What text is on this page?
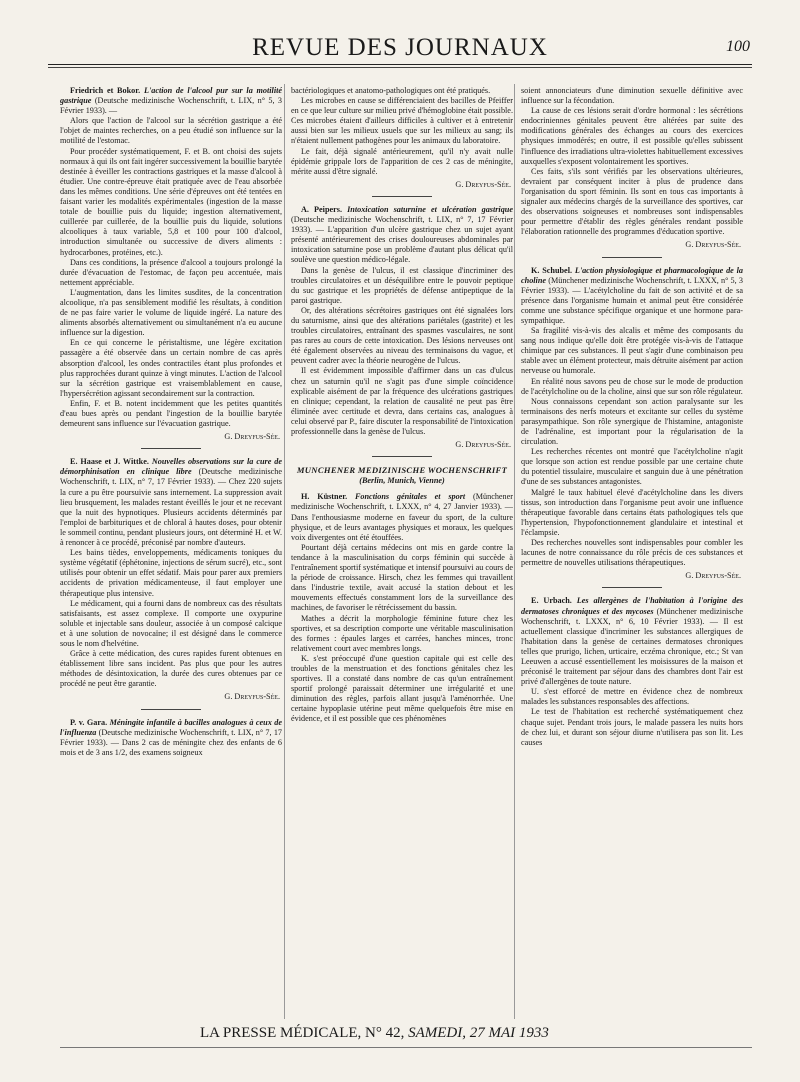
REVUE DES JOURNAUX	100

Friedrich et Bokor. L'action de l'alcool pur sur la motilité gastrique (Deutsche medizinische Wochenschrift, t. LIX, n° 5, 3 Février 1933). —

Alors que l'action de l'alcool sur la sécrétion gastrique a été l'objet de maintes recherches, on a peu étudié son influence sur la motilité de l'estomac.

Pour procéder systématiquement, F. et B. ont choisi des sujets normaux à qui ils ont fait ingérer successivement la bouillie barytée destinée à éveiller les contractions gastriques et la masse d'alcool à étudier. Une contre-épreuve était pratiquée avec de l'eau absorbée dans les mêmes conditions. Une série d'épreuves ont été tentées en faisant varier les modalités expérimentales (ingestion de la masse totale de bouillie puis du liquide; ingestion alternativement, cuillerée par cuillerée, de la bouillie puis du liquide, solutions alcooliques à taux variable, 5,8 et 100 pour 100 d'alcool, introduction simultanée ou successive de divers aliments : hydrocarbones, protéines, etc.).

Dans ces conditions, la présence d'alcool a toujours prolongé la durée d'évacuation de l'estomac, de façon peu accentuée, mais nettement appréciable.

L'augmentation, dans les limites susdites, de la concentration alcoolique, n'a pas sensiblement modifié les résultats, à condition de ne pas faire varier le volume de liquide ingéré. La nature des aliments absorbés alternativement ou simultanément n'a eu aucune influence sur la digestion.

En ce qui concerne le péristaltisme, une légère excitation passagère a été observée dans un certain nombre de cas après absorption d'alcool, les ondes contractiles étant plus profondes et plus rapprochées durant quinze à vingt minutes. L'action de l'alcool sur la sécrétion gastrique est vraisemblablement en cause, l'hypersécrétion agissant secondairement sur la contraction.

Enfin, F. et B. notent incidemment que les petites quantités d'eau bues après ou pendant l'ingestion de la bouillie barytée demeurent sans influence sur l'évacuation gastrique.

G. Dreyfus-Sée.

E. Haase et J. Wittke. Nouvelles observations sur la cure de démorphinisation en clinique libre (Deutsche medizinische Wochenschrift, t. LIX, n° 7, 17 Février 1933). — Chez 220 sujets la cure a pu être poursuivie sans internement. La suppression avait lieu brusquement, les malades restant éveillés le jour et ne recevant que la nuit des hypnotiques. Plusieurs accidents déterminés par l'emploi de barbituriques et de chloral à hautes doses, pour obtenir le sommeil continu, pendant plusieurs jours, ont déterminé H. et W. à renoncer à ce procédé, préconisé par nombre d'auteurs.

Les bains tièdes, enveloppements, médicaments toniques du système végétatif (éphétonine, injections de sérum sucré), etc., sont utilisés pour obtenir un effet sédatif. Mais pour parer aux premiers accidents de privation médicamenteuse, il faut employer une thérapeutique plus intensive.

Le médicament, qui a fourni dans de nombreux cas des résultats satisfaisants, est assez complexe. Il comporte une oxypurine soluble et injectable sans douleur, associée à un composé calcique et à une solution de novocaïne; il est désigné dans le commerce sous le nom d'helvétine.

Grâce à cette médication, des cures rapides furent obtenues en établissement libre sans incident. Pas plus que pour les autres méthodes de désintoxication, la durée des cures obtenues par ce procédé ne peut être garantie.

G. Dreyfus-Sée.

P. v. Gara. Méningite infantile à bacilles analogues à ceux de l'influenza (Deutsche medizinische Wochenschrift, t. LIX, n° 7, 17 Février 1933). — Dans 2 cas de méningite chez des enfants de 6 mois et de 3 ans 1/2, des examens soigneux

bactériologiques et anatomo-pathologiques ont été pratiqués.

Les microbes en cause se différenciaient des bacilles de Pfeiffer en ce que leur culture sur milieu privé d'hémoglobine était possible. Ces microbes étaient d'ailleurs difficiles à cultiver et à entretenir aussi bien sur les milieux usuels que sur les milieux au sang; ils n'étaient nullement pathogènes pour les animaux du laboratoire.

Le fait, déjà signalé antérieurement, qu'il n'y avait nulle épidémie grippale lors de l'apparition de ces 2 cas de méningite, mérite aussi d'être signalé.

G. Dreyfus-Sée.

A. Peipers. Intoxication saturnine et ulcération gastrique (Deutsche medizinische Wochenschrift, t. LIX, n° 7, 17 Février 1933). — L'apparition d'un ulcère gastrique chez un sujet ayant présenté antérieurement des crises douloureuses abdominales par intoxication saturnine pose un problème d'autant plus délicat qu'il soulève une question médico-légale.

Dans la genèse de l'ulcus, il est classique d'incriminer des troubles circulatoires et un déséquilibre entre le pouvoir peptique du suc gastrique et les propriétés de défense antipeptique de la paroi gastrique.

Or, des altérations sécrétoires gastriques ont été signalées lors du saturnisme, ainsi que des altérations pariétales (gastrite) et les troubles circulatoires, entraînant des spasmes vasculaires, ne sont pas rares au cours de cette intoxication. Des lésions nerveuses ont été également observées au niveau des terminaisons du vague, et peuvent cadrer avec la théorie neurogène de l'ulcus.

Il est évidemment impossible d'affirmer dans un cas d'ulcus chez un saturnin qu'il ne s'agit pas d'une simple coïncidence explicable aisément de par la fréquence des ulcérations gastriques en clinique; cependant, la relation de causalité ne peut pas être éliminée avec certitude et devra, dans certains cas, analogues à celui observé par P., faire discuter la responsabilité de l'intoxication professionnelle dans la genèse de l'ulcus.

G. Dreyfus-Sée.
MUNCHENER MEDIZINISCHE WOCHENSCHRIFT
(Berlin, Munich, Vienne)

H. Küstner. Fonctions génitales et sport (Münchener medizinische Wochenschrift, t. LXXX, n° 4, 27 Janvier 1933). — Dans l'enthousiasme moderne en faveur du sport, de la culture physique, et de leurs avantages physiques et moraux, les quelques voix divergentes ont été étouffées.

Pourtant déjà certains médecins ont mis en garde contre la tendance à la masculinisation du corps féminin qui succède à l'entraînement sportif systématique et intensif poursuivi au cours de la période de croissance. Hirsch, chez les femmes qui travaillent dans l'industrie textile, avait accusé la station debout et les mouvements effectués constamment lors de la surveillance des machines, de favoriser le rétrécissement du bassin.

Mathes a décrit la morphologie féminine future chez les sportives, et sa description comporte une véritable masculinisation des formes : épaules larges et carrées, hanches minces, tronc relativement court avec membres longs.

K. s'est préoccupé d'une question capitale qui est celle des troubles de la menstruation et des fonctions génitales chez les sportives. Il a constaté dans nombre de cas qu'un entraînement sportif prolongé paraissait déterminer une irrégularité et une diminution des règles, parfois allant jusqu'à l'aménorrhée. Une certaine hypoplasie utérine peut même quelquefois être mise en évidence, et il est possible que ces phénomènes

soient annonciateurs d'une diminution sexuelle définitive avec influence sur la fécondation.

La cause de ces lésions serait d'ordre hormonal : les sécrétions endocriniennes génitales peuvent être altérées par suite des modifications générales des échanges au cours des exercices physiques immodérés; en outre, il est possible qu'elles subissent l'influence des irradiations ultra-violettes habituellement excessives auxquelles s'exposent volontairement les sportives.

Ces faits, s'ils sont vérifiés par les observations ultérieures, devraient par conséquent inciter à plus de prudence dans l'organisation du sport féminin. Ils sont en tous cas importants à signaler aux médecins chargés de la surveillance des sportives, car des observations soigneuses et nombreuses sont indispensables pour permettre d'établir des règles générales rendant possible l'élaboration rationnelle des programmes d'éducation sportive.

G. Dreyfus-Sée.

K. Schubel. L'action physiologique et pharmacologique de la choline (Münchener medizinische Wochenschrift, t. LXXX, n° 5, 3 Février 1933). — L'acétylcholine du fait de son activité et de sa présence dans l'organisme humain et animal peut être considérée comme une substance spécifique organique et une hormone para-sympathique.

Sa fragilité vis-à-vis des alcalis et même des composants du sang nous indique qu'elle doit être protégée vis-à-vis de l'attaque chimique par ces substances. Il peut s'agir d'une combinaison peu stable avec un élément protecteur, mais détruite aisément par action nerveuse ou humorale.

En réalité nous savons peu de chose sur le mode de production de l'acétylcholine ou de la choline, ainsi que sur son rôle régulateur.

Nous connaissons cependant son action paralysante sur les terminaisons des nerfs moteurs et excitante sur celles du système parasympathique. Son rôle synergique de l'histamine, antagoniste de l'adrénaline, est important pour la régularisation de la circulation.

Les recherches récentes ont montré que l'acétylcholine n'agit que lorsque son action est rendue possible par une certaine chute du potentiel tissulaire, musculaire et sanguin due à une pénétration d'une de ses substances antagonistes.

Malgré le taux habituel élevé d'acétylcholine dans les divers tissus, son introduction dans l'organisme peut avoir une influence thérapeutique favorable dans certains états pathologiques tels que l'hypertension, l'hypofonctionnement glandulaire et intestinal et l'éclampsie.

Des recherches nouvelles sont indispensables pour combler les lacunes de notre connaissance du rôle précis de ces substances et permettre de nouvelles utilisations thérapeutiques.

G. Dreyfus-Sée.

E. Urbach. Les allergènes de l'habitation à l'origine des dermatoses chroniques et des mycoses (Münchener medizinische Wochenschrift, t. LXXX, n° 6, 10 Février 1933). — Il est actuellement classique d'incriminer les substances allergiques de l'habitation dans la genèse de certaines dermatoses chroniques telles que prurigo, lichen, urticaire, eczéma chronique, etc.; St van Leeuwen a accusé essentiellement les moisissures de la maison et préconisé le traitement par séjour dans des chambres dont l'air est privé d'allergènes de toute nature.

U. s'est efforcé de mettre en évidence chez de nombreux malades les substances responsables des affections.

Le test de l'habitation est recherché systématiquement chez chaque sujet. Pendant trois jours, le malade passera les nuits hors de chez lui, et durant son séjour diurne n'utilisera pas son lit. Les causes

LA PRESSE MÉDICALE, N° 42, SAMEDI, 27 MAI 1933
